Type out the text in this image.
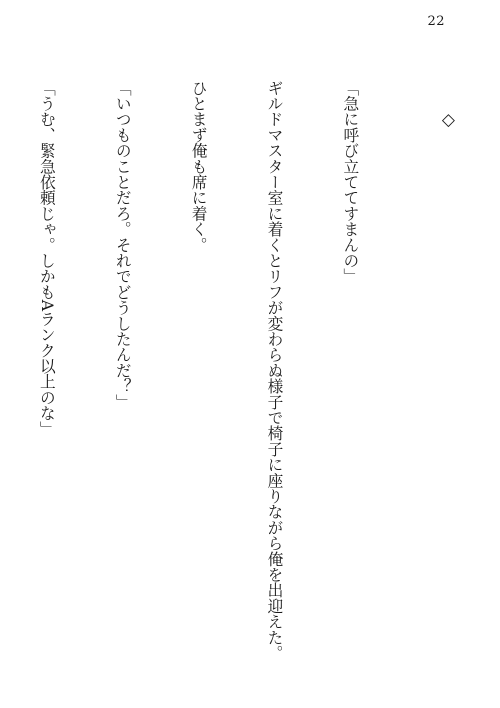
22
◇

「急に呼び立ててすまんの」

ギルドマスター室に着くとリフが変わらぬ様子で椅子に座りながら俺を出迎えた。

ひとまず俺も席に着く。

「いつものことだろ。それでどうしたんだ？」

「うむ、緊急依頼じゃ。しかもAランク以上のな」
